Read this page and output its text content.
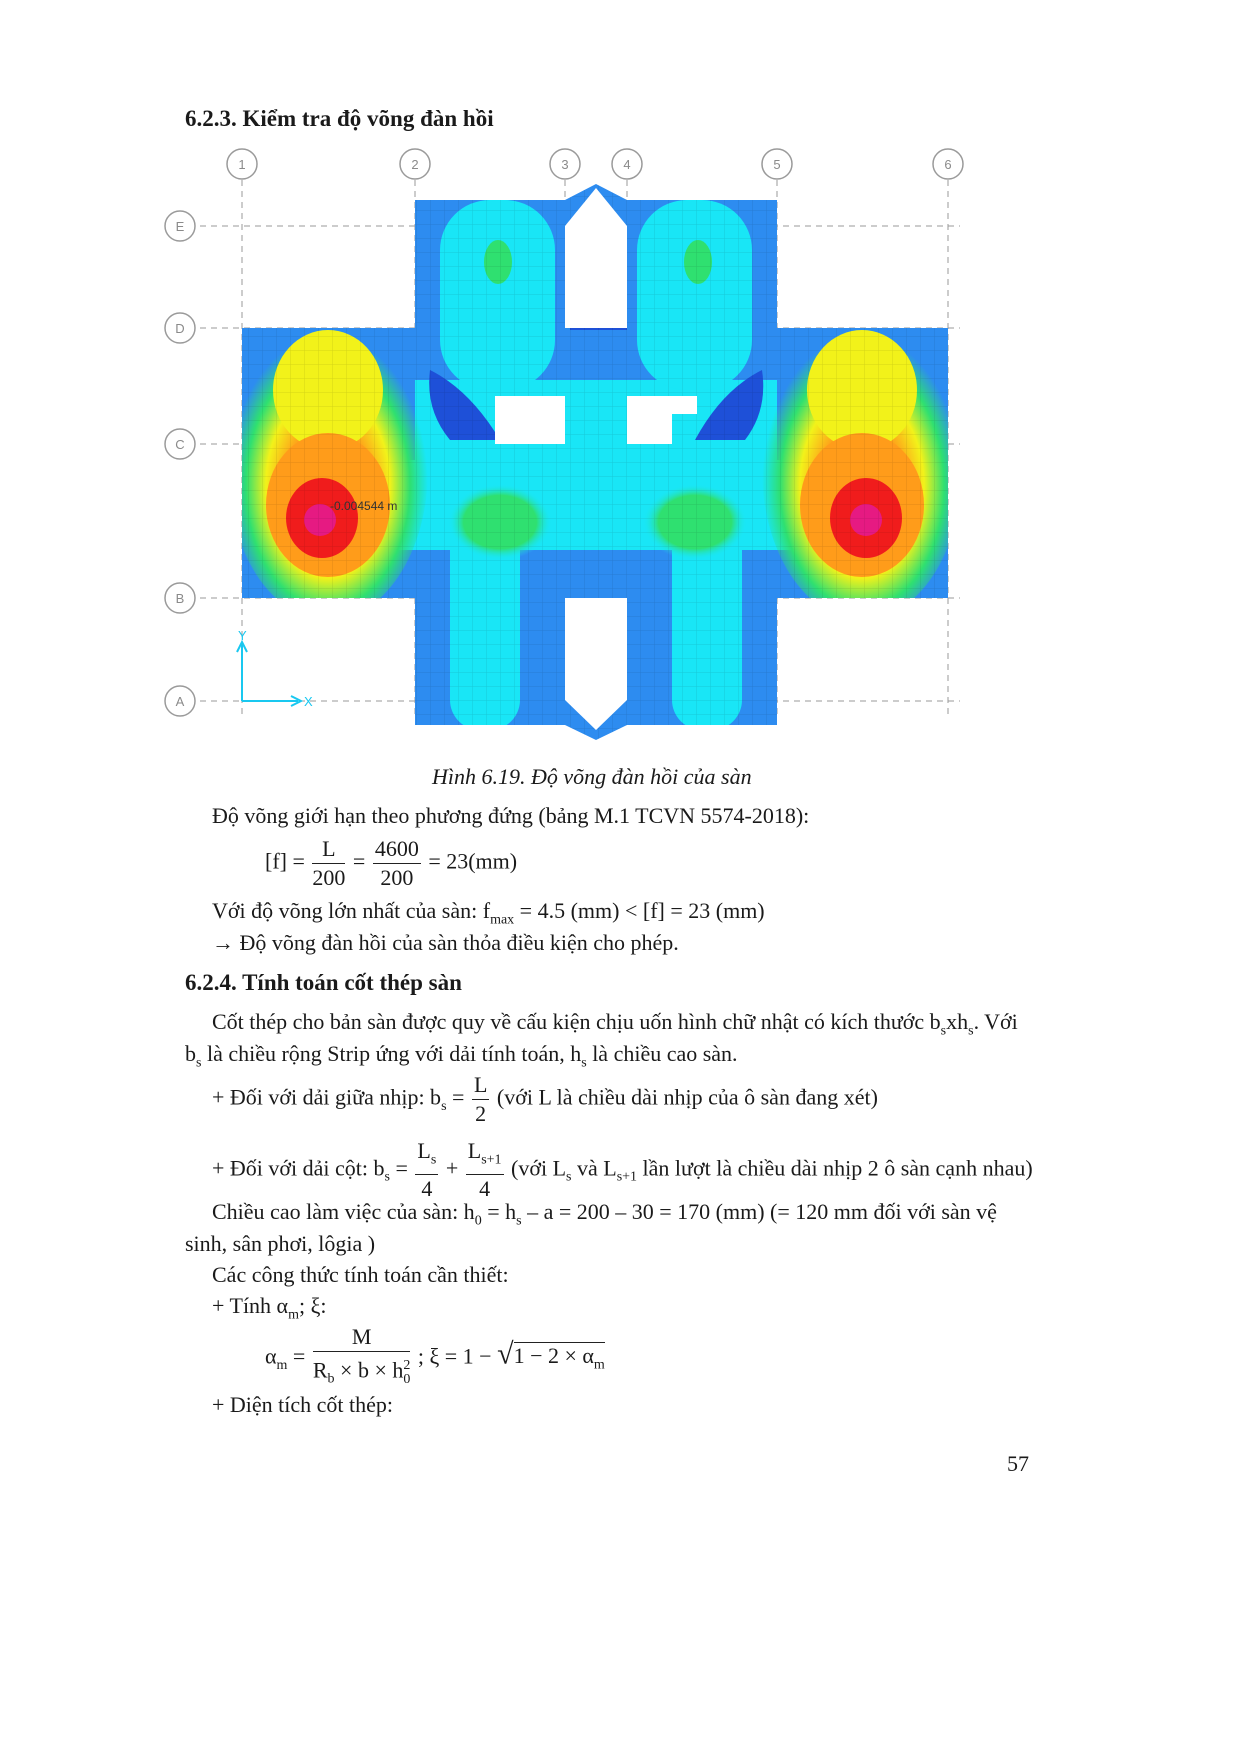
6.2.3. Kiểm tra độ võng đàn hồi
1	2	3	4	5	6
E
D
C
B
A
-0.004544 m
Y
X
Hình 6.19. Độ võng đàn hồi của sàn
Độ võng giới hạn theo phương đứng (bảng M.1 TCVN 5574-2018):
$[f] = \frac{L}{200} = \frac{4600}{200} = 23(mm)$
Với độ võng lớn nhất của sàn: $f_{max} = 4.5$ (mm) < [f] = 23 (mm)
→ Độ võng đàn hồi của sàn thỏa điều kiện cho phép.
6.2.4. Tính toán cốt thép sàn
Cốt thép cho bản sàn được quy về cấu kiện chịu uốn hình chữ nhật có kích thước $b_sxh_s$. Với
$b_s$ là chiều rộng Strip ứng với dải tính toán, $h_s$ là chiều cao sàn.
+ Đối với dải giữa nhịp: $b_s = \frac{L}{2}$ (với L là chiều dài nhịp của ô sàn đang xét)
+ Đối với dải cột: $b_s = \frac{L_s}{4} + \frac{L_{s+1}}{4}$ (với $L_s$ và $L_{s+1}$ lần lượt là chiều dài nhịp 2 ô sàn cạnh nhau)
Chiều cao làm việc của sàn: $h_0 = h_s - a = 200 - 30 = 170$ (mm) (= 120 mm đối với sàn vệ
sinh, sân phơi, lôgia )
Các công thức tính toán cần thiết:
+ Tính $\alpha_m$; ξ:
$\alpha_m = \frac{M}{R_b \times b \times h^2_0}$ ; $\xi = 1 - √1 - 2 \times \alpha_m$
+ Diện tích cốt thép:
57
